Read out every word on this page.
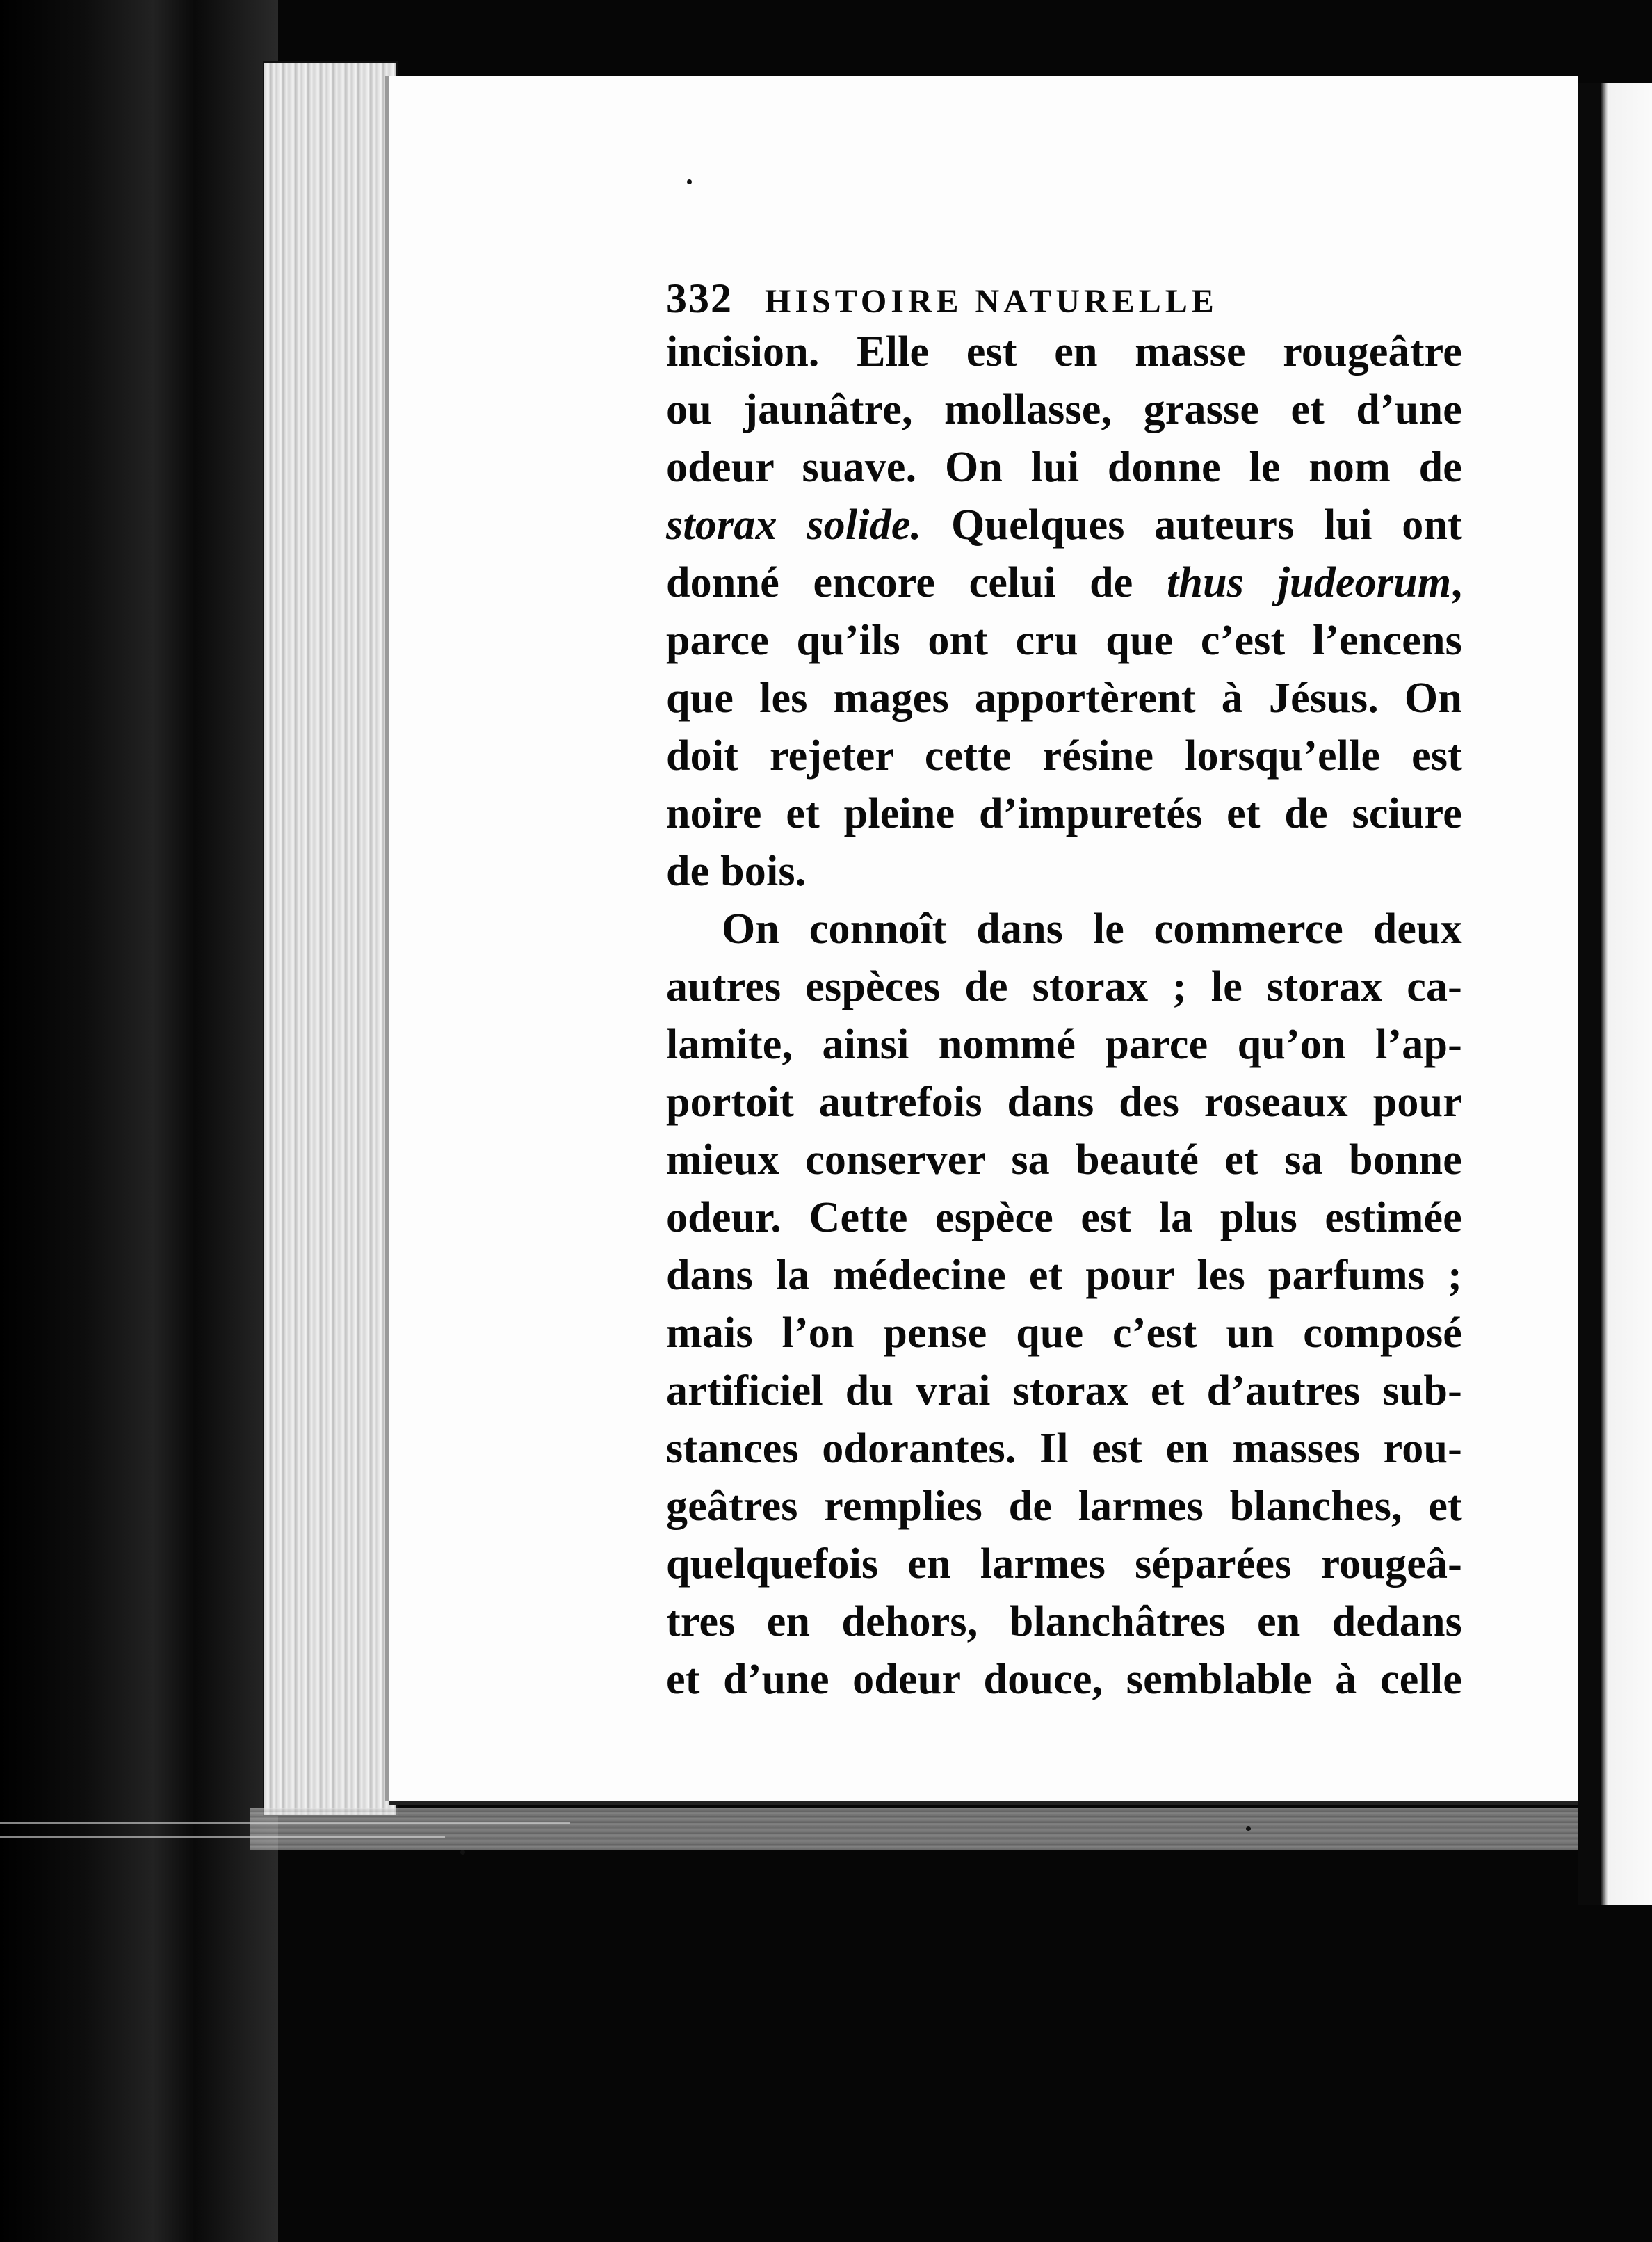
332 HISTOIRE NATURELLE

incision. Elle est en masse rougeâtre
ou jaunâtre, mollasse, grasse et d’une
odeur suave. On lui donne le nom de
storax solide. Quelques auteurs lui ont
donné encore celui de thus judeorum,
parce qu’ils ont cru que c’est l’encens
que les mages apportèrent à Jésus. On
doit rejeter cette résine lorsqu’elle est
noire et pleine d’impuretés et de sciure
de bois.

On connoît dans le commerce deux
autres espèces de storax ; le storax ca-
lamite, ainsi nommé parce qu’on l’ap-
portoit autrefois dans des roseaux pour
mieux conserver sa beauté et sa bonne
odeur. Cette espèce est la plus estimée
dans la médecine et pour les parfums ;
mais l’on pense que c’est un composé
artificiel du vrai storax et d’autres sub-
stances odorantes. Il est en masses rou-
geâtres remplies de larmes blanches, et
quelquefois en larmes séparées rougeâ-
tres en dehors, blanchâtres en dedans
et d’une odeur douce, semblable à celle
